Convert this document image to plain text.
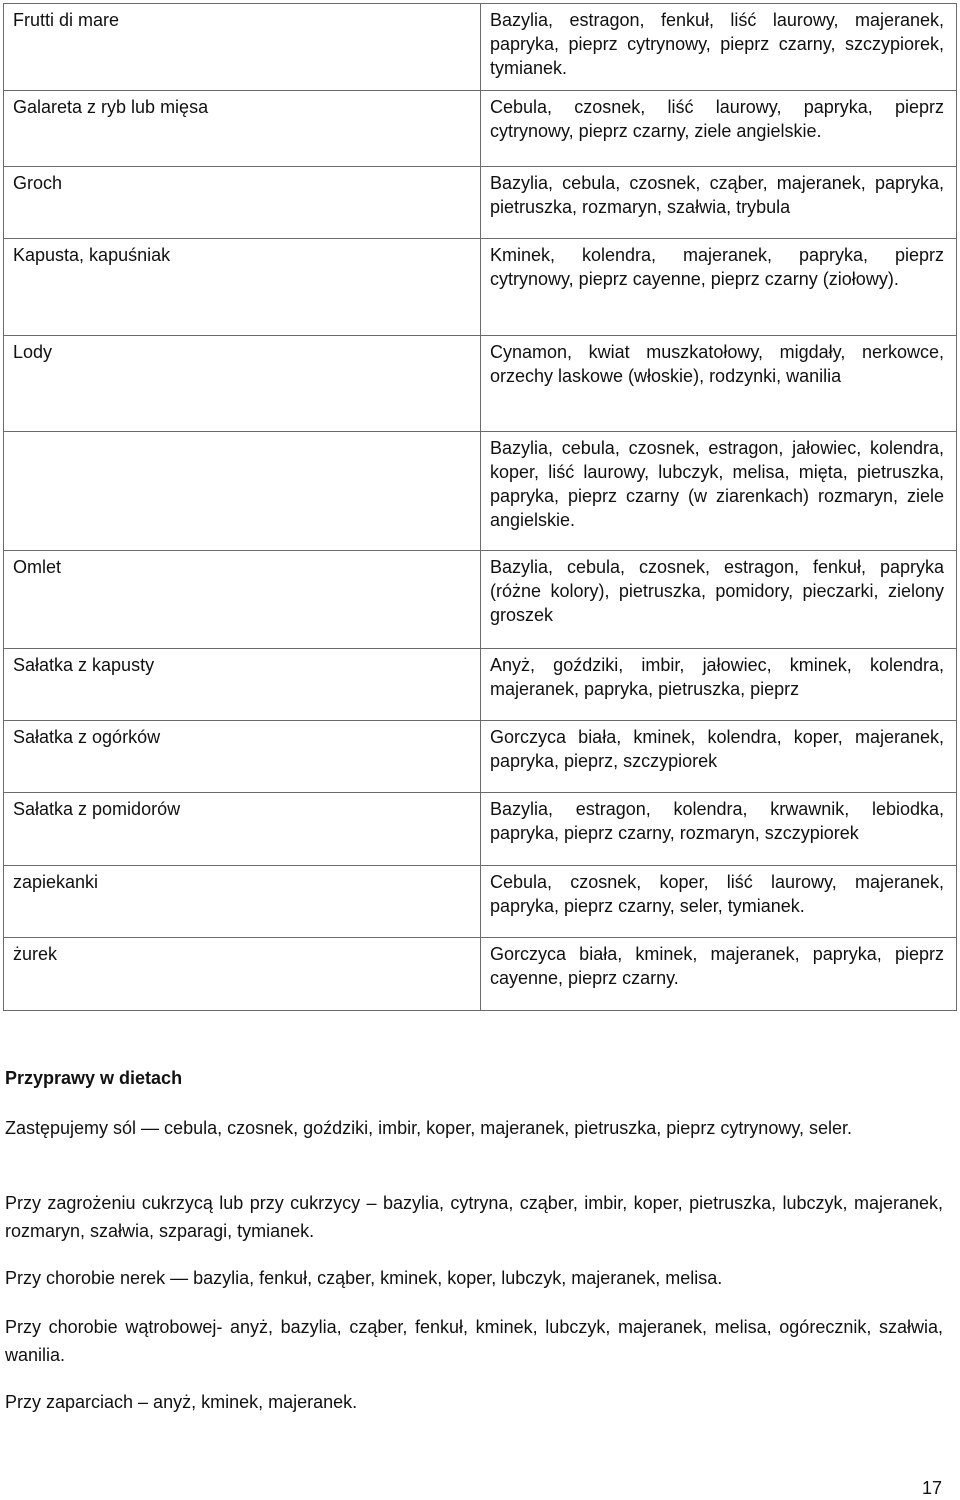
Frutti di mare	Bazylia, estragon, fenkuł, liść laurowy, majeranek, papryka, pieprz cytrynowy, pieprz czarny, szczypiorek, tymianek.
Galareta z ryb lub mięsa	Cebula, czosnek, liść laurowy, papryka, pieprz cytrynowy, pieprz czarny, ziele angielskie.
Groch	Bazylia, cebula, czosnek, cząber, majeranek, papryka, pietruszka, rozmaryn, szałwia, trybula
Kapusta, kapuśniak	Kminek, kolendra, majeranek, papryka, pieprz cytrynowy, pieprz cayenne, pieprz czarny (ziołowy).
Lody	Cynamon, kwiat muszkatołowy, migdały, nerkowce, orzechy laskowe (włoskie), rodzynki, wanilia
	Bazylia, cebula, czosnek, estragon, jałowiec, kolendra, koper, liść laurowy, lubczyk, melisa, mięta, pietruszka, papryka, pieprz czarny (w ziarenkach) rozmaryn, ziele angielskie.
Omlet	Bazylia, cebula, czosnek, estragon, fenkuł, papryka (różne kolory), pietruszka, pomidory, pieczarki, zielony groszek
Sałatka z kapusty	Anyż, goździki, imbir, jałowiec, kminek, kolendra, majeranek, papryka, pietruszka, pieprz
Sałatka z ogórków	Gorczyca biała, kminek, kolendra, koper, majeranek, papryka, pieprz, szczypiorek
Sałatka z pomidorów	Bazylia, estragon, kolendra, krwawnik, lebiodka, papryka, pieprz czarny, rozmaryn, szczypiorek
zapiekanki	Cebula, czosnek, koper, liść laurowy, majeranek, papryka, pieprz czarny, seler, tymianek.
żurek	Gorczyca biała, kminek, majeranek, papryka, pieprz cayenne, pieprz czarny.
Przyprawy w dietach
Zastępujemy sól — cebula, czosnek, goździki, imbir, koper, majeranek, pietruszka, pieprz cytrynowy, seler.
Przy zagrożeniu cukrzycą lub przy cukrzycy – bazylia, cytryna, cząber, imbir, koper, pietruszka, lubczyk, majeranek, rozmaryn, szałwia, szparagi, tymianek.
Przy chorobie nerek — bazylia, fenkuł, cząber, kminek, koper, lubczyk, majeranek, melisa.
Przy chorobie wątrobowej- anyż, bazylia, cząber, fenkuł, kminek, lubczyk, majeranek, melisa, ogórecznik, szałwia, wanilia.
Przy zaparciach – anyż, kminek, majeranek.
17
